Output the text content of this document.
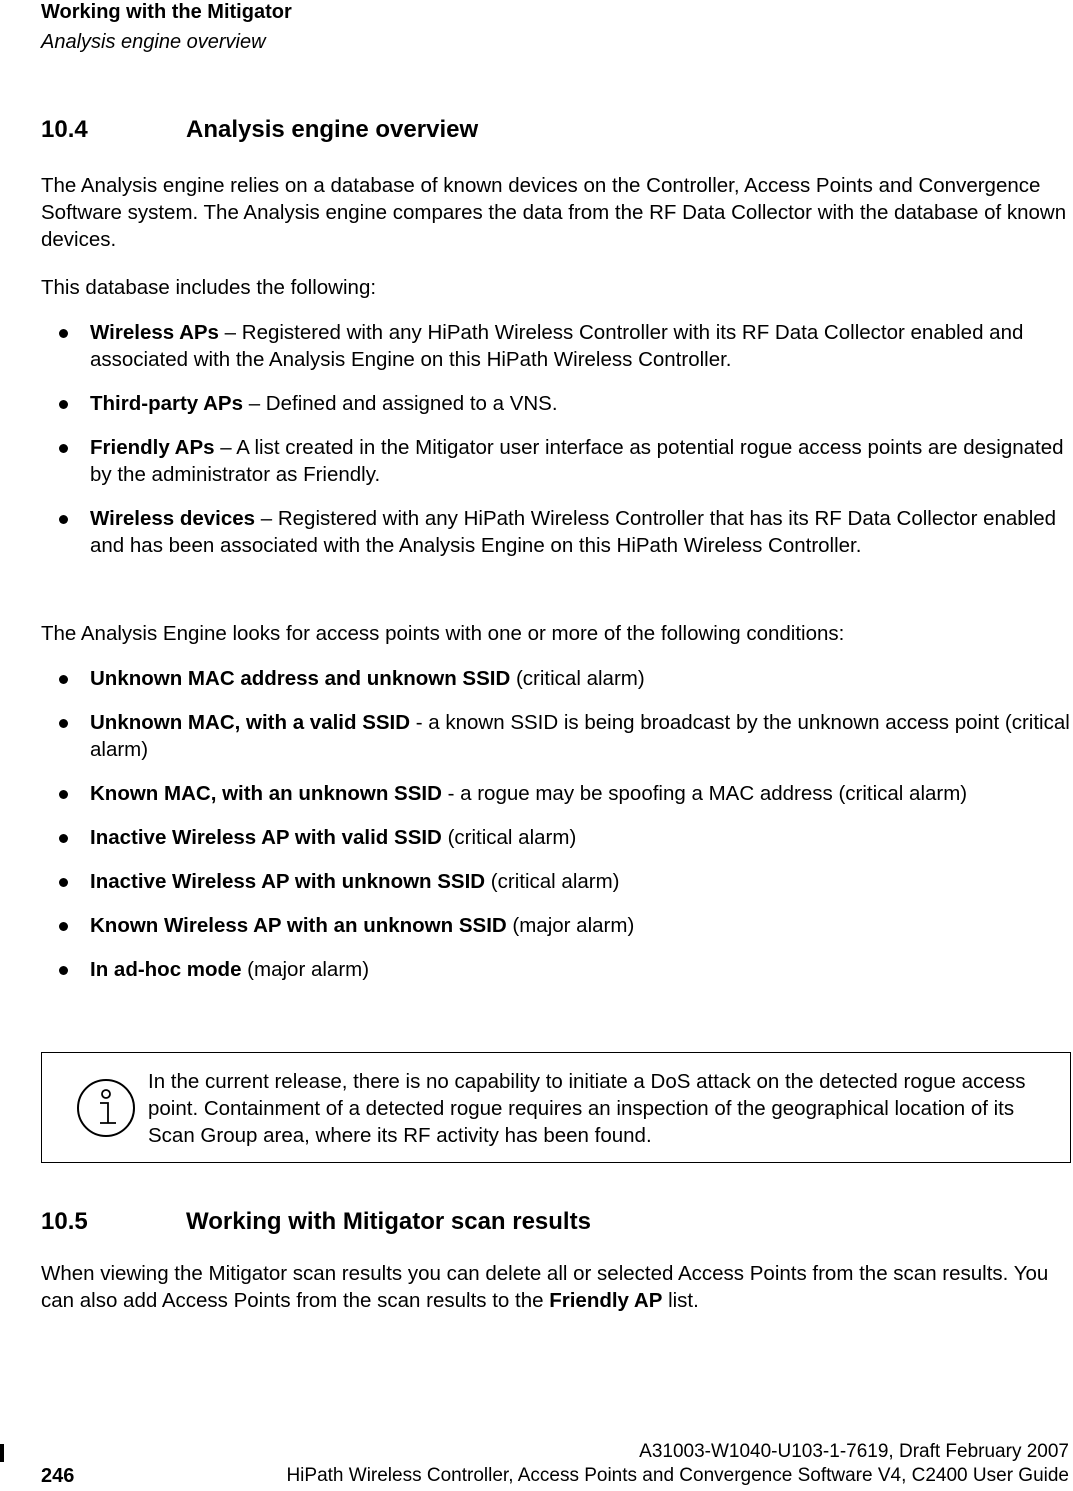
Working with the Mitigator
Analysis engine overview
10.4	Analysis engine overview

The Analysis engine relies on a database of known devices on the Controller, Access Points and Convergence Software system. The Analysis engine compares the data from the RF Data Collector with the database of known devices.

This database includes the following:

Wireless APs – Registered with any HiPath Wireless Controller with its RF Data Collector enabled and associated with the Analysis Engine on this HiPath Wireless Controller.
Third-party APs – Defined and assigned to a VNS.
Friendly APs – A list created in the Mitigator user interface as potential rogue access points are designated by the administrator as Friendly.
Wireless devices – Registered with any HiPath Wireless Controller that has its RF Data Collector enabled and has been associated with the Analysis Engine on this HiPath Wireless Controller.

The Analysis Engine looks for access points with one or more of the following conditions:

Unknown MAC address and unknown SSID (critical alarm)
Unknown MAC, with a valid SSID - a known SSID is being broadcast by the unknown access point (critical alarm)
Known MAC, with an unknown SSID - a rogue may be spoofing a MAC address (critical alarm)
Inactive Wireless AP with valid SSID (critical alarm)
Inactive Wireless AP with unknown SSID (critical alarm)
Known Wireless AP with an unknown SSID (major alarm)
In ad-hoc mode (major alarm)

In the current release, there is no capability to initiate a DoS attack on the detected rogue access point. Containment of a detected rogue requires an inspection of the geographical location of its Scan Group area, where its RF activity has been found.

10.5	Working with Mitigator scan results

When viewing the Mitigator scan results you can delete all or selected Access Points from the scan results. You can also add Access Points from the scan results to the Friendly AP list.

246
A31003-W1040-U103-1-7619, Draft February 2007
HiPath Wireless Controller, Access Points and Convergence Software V4, C2400 User Guide
